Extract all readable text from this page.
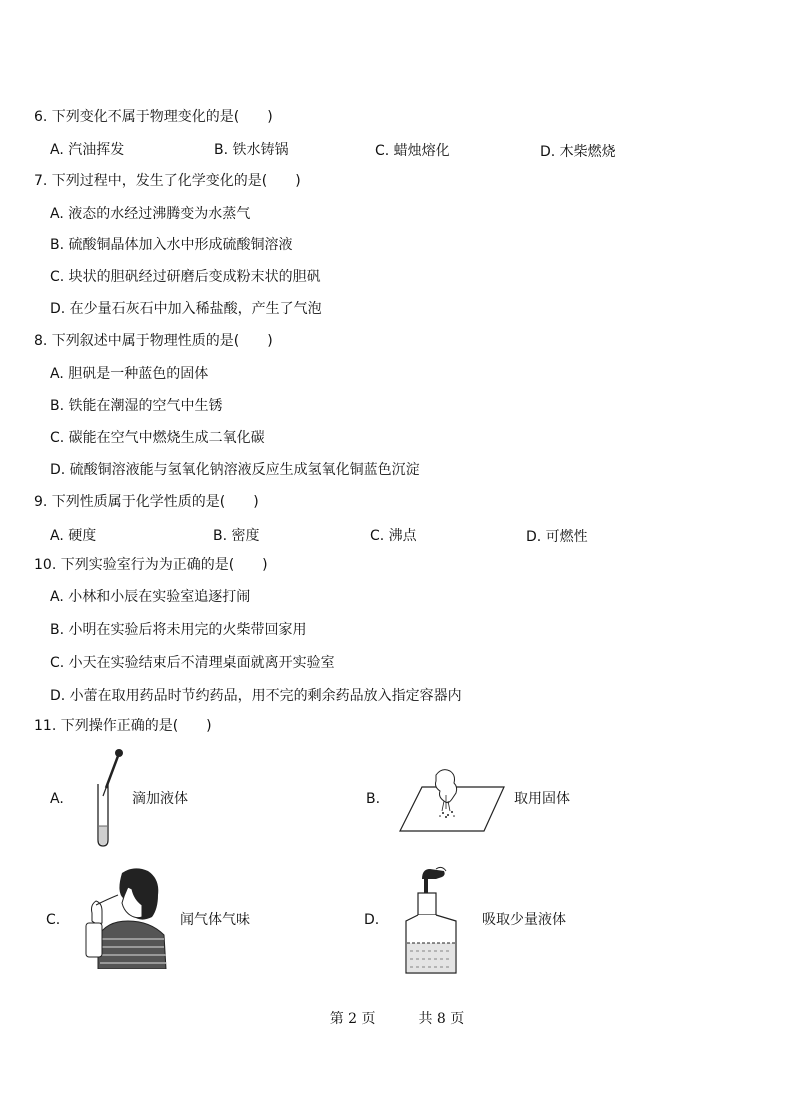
6. 下列变化不属于物理变化的是(　　)
A. 汽油挥发	B. 铁水铸锅	C. 蜡烛熔化	D. 木柴燃烧
7. 下列过程中，发生了化学变化的是(　　)
A. 液态的水经过沸腾变为水蒸气
B. 硫酸铜晶体加入水中形成硫酸铜溶液
C. 块状的胆矾经过研磨后变成粉末状的胆矾
D. 在少量石灰石中加入稀盐酸，产生了气泡
8. 下列叙述中属于物理性质的是(　　)
A. 胆矾是一种蓝色的固体
B. 铁能在潮湿的空气中生锈
C. 碳能在空气中燃烧生成二氧化碳
D. 硫酸铜溶液能与氢氧化钠溶液反应生成氢氧化铜蓝色沉淀
9. 下列性质属于化学性质的是(　　)
A. 硬度	B. 密度	C. 沸点	D. 可燃性
10. 下列实验室行为为正确的是(　　)
A. 小林和小辰在实验室追逐打闹
B. 小明在实验后将未用完的火柴带回家用
C. 小天在实验结束后不清理桌面就离开实验室
D. 小蕾在取用药品时节约药品，用不完的剩余药品放入指定容器内
11. 下列操作正确的是(　　)
A.	滴加液体	B.	取用固体
C.	闻气体气味	D.	吸取少量液体
第 2 页	共 8 页
